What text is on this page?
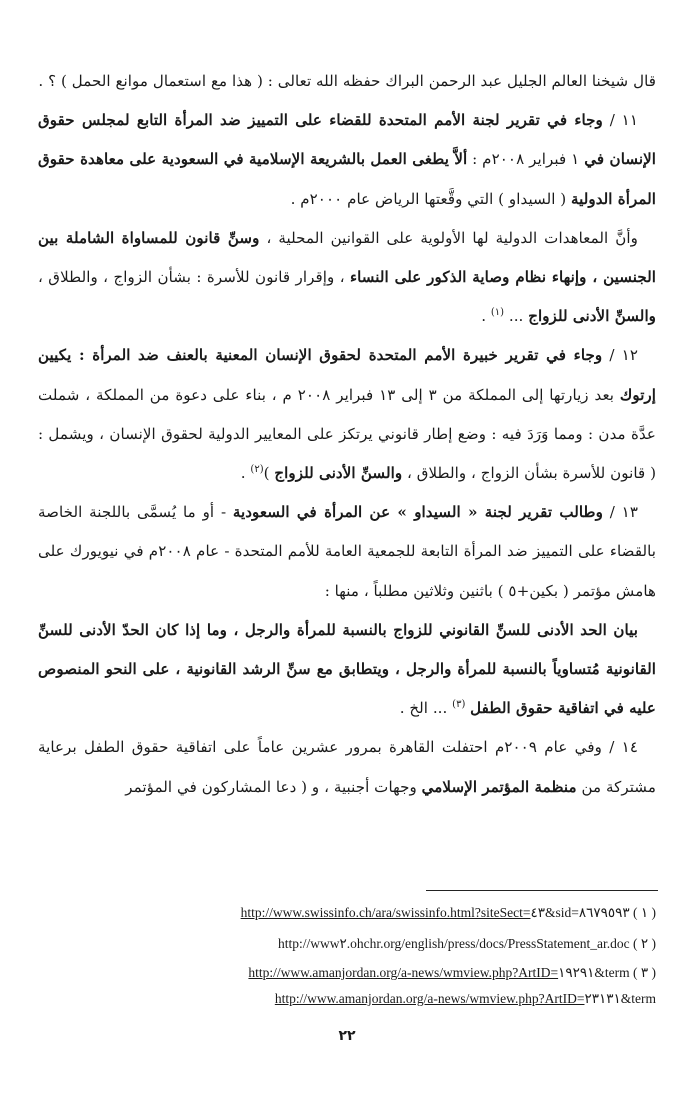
قال شيخنا العالم الجليل عبد الرحمن البراك حفظه الله تعالى : ( هذا مع استعمال موانع الحمل ) ؟ .

١١ / وجاء في تقرير لجنة الأمم المتحدة للقضاء على التمييز ضد المرأة التابع لمجلس حقوق الإنسان في ١ فبراير ٢٠٠٨م : ألاَّ يطغى العمل بالشريعة الإسلامية في السعودية على معاهدة حقوق المرأة الدولية ( السيداو ) التي وقَّعتها الرياض عام ٢٠٠٠م .

وأنَّ المعاهدات الدولية لها الأولوية على القوانين المحلية ، وسنِّ قانون للمساواة الشاملة بين الجنسين ، وإنهاء نظام وصاية الذكور على النساء ، وإقرار قانون للأسرة : بشأن الزواج ، والطلاق ، والسنِّ الأدنى للزواج ... $^{(١)}$ .

١٢ / وجاء في تقرير خبيرة الأمم المتحدة لحقوق الإنسان المعنية بالعنف ضد المرأة : يكيين إرتوك بعد زيارتها إلى المملكة من ٣ إلى ١٣ فبراير ٢٠٠٨ م ، بناء على دعوة من المملكة ، شملت عدَّة مدن : ومما وَرَدَ فيه : وضع إطار قانوني يرتكز على المعايير الدولية لحقوق الإنسان ، ويشمل : ( قانون للأسرة بشأن الزواج ، والطلاق ، والسنِّ الأدنى للزواج )$^{(٢)}$ .

١٣ / وطالب تقرير لجنة « السيداو » عن المرأة في السعودية - أو ما يُسمَّى باللجنة الخاصة بالقضاء على التمييز ضد المرأة التابعة للجمعية العامة للأمم المتحدة - عام ٢٠٠٨م في نيويورك على هامش مؤتمر ( بكين+٥ ) باثنين وثلاثين مطلباً ، منها :

بيان الحد الأدنى للسنِّ القانوني للزواج بالنسبة للمرأة والرجل ، وما إذا كان الحدّ الأدنى للسنِّ القانونية مُتساوياً بالنسبة للمرأة والرجل ، ويتطابق مع سنِّ الرشد القانونية ، على النحو المنصوص عليه في اتفاقية حقوق الطفل $^{(٣)}$ ... الخ .

١٤ / وفي عام ٢٠٠٩م احتفلت القاهرة بمرور عشرين عاماً على اتفاقية حقوق الطفل برعاية مشتركة من منظمة المؤتمر الإسلامي وجهات أجنبية ، و ( دعا المشاركون في المؤتمر

( ١ ) http://www.swissinfo.ch/ara/swissinfo.html?siteSect=٤٣&sid=٨٦٧٩٥٩٣
( ٢ ) http://www٢.ohchr.org/english/press/docs/PressStatement_ar.doc
( ٣ ) http://www.amanjordan.org/a-news/wmview.php?ArtID=١٩٢٩١&term
http://www.amanjordan.org/a-news/wmview.php?ArtID=٢٣١٣١&term
٢٢
